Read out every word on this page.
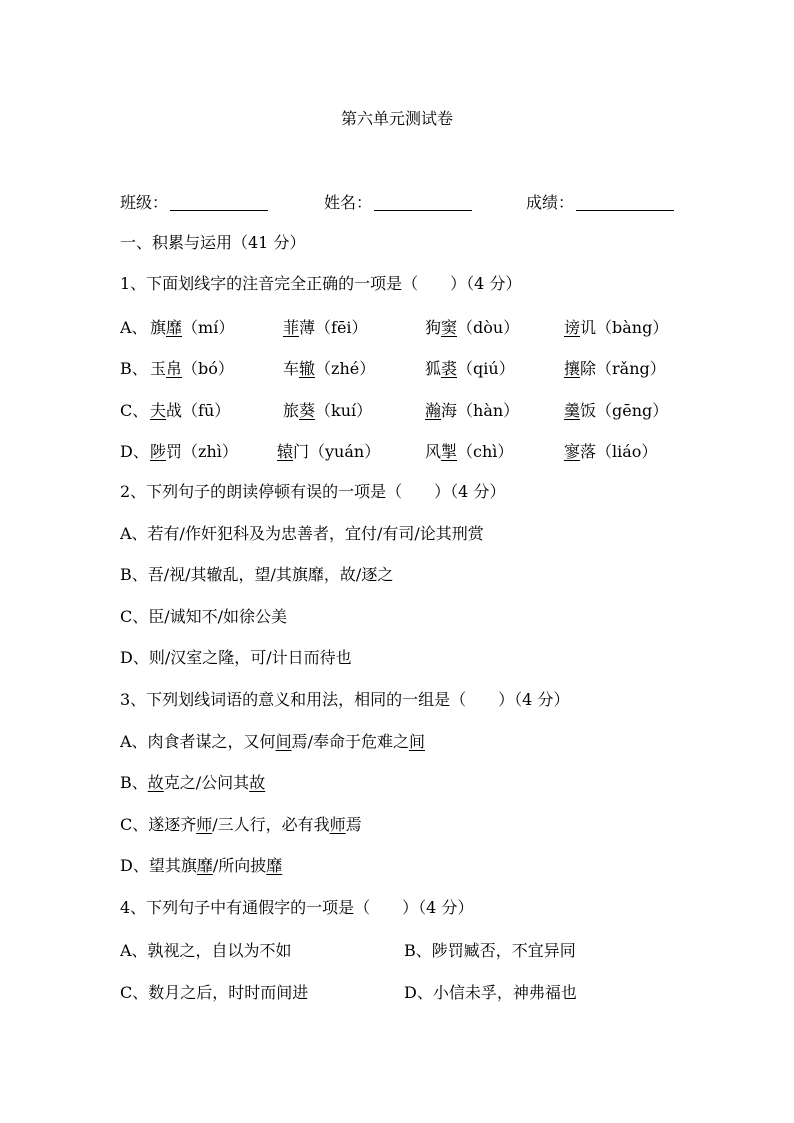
第六单元测试卷
班级：	姓名：	成绩：
一、积累与运用（41 分）
1、下面划线字的注音完全正确的一项是（　　）（4 分）
A、 旗靡（mí）	菲薄（fēi）	狗窦（dòu）	谤讥（bàng）
B、 玉帛（bó）	车辙（zhé）	狐裘（qiú）	攘除（rǎng）
C、 夫战（fū）	旅葵（kuí）	瀚海（hàn）	羹饭（gēng）
D、 陟罚（zhì） 辕门（yuán）	风掣（chì）	寥落（liáo）
2、下列句子的朗读停顿有误的一项是（　　）（4 分）
A、若有/作奸犯科及为忠善者，宜付/有司/论其刑赏
B、吾/视/其辙乱，望/其旗靡，故/逐之
C、臣/诚知不/如徐公美
D、则/汉室之隆，可/计日而待也
3、下列划线词语的意义和用法，相同的一组是（　　）（4 分）
A、肉食者谋之，又何间焉/奉命于危难之间
B、故克之/公问其故
C、遂逐齐师/三人行，必有我师焉
D、望其旗靡/所向披靡
4、下列句子中有通假字的一项是（　　）（4 分）
A、孰视之，自以为不如	B、陟罚臧否，不宜异同
C、数月之后，时时而间进	D、小信未孚，神弗福也
